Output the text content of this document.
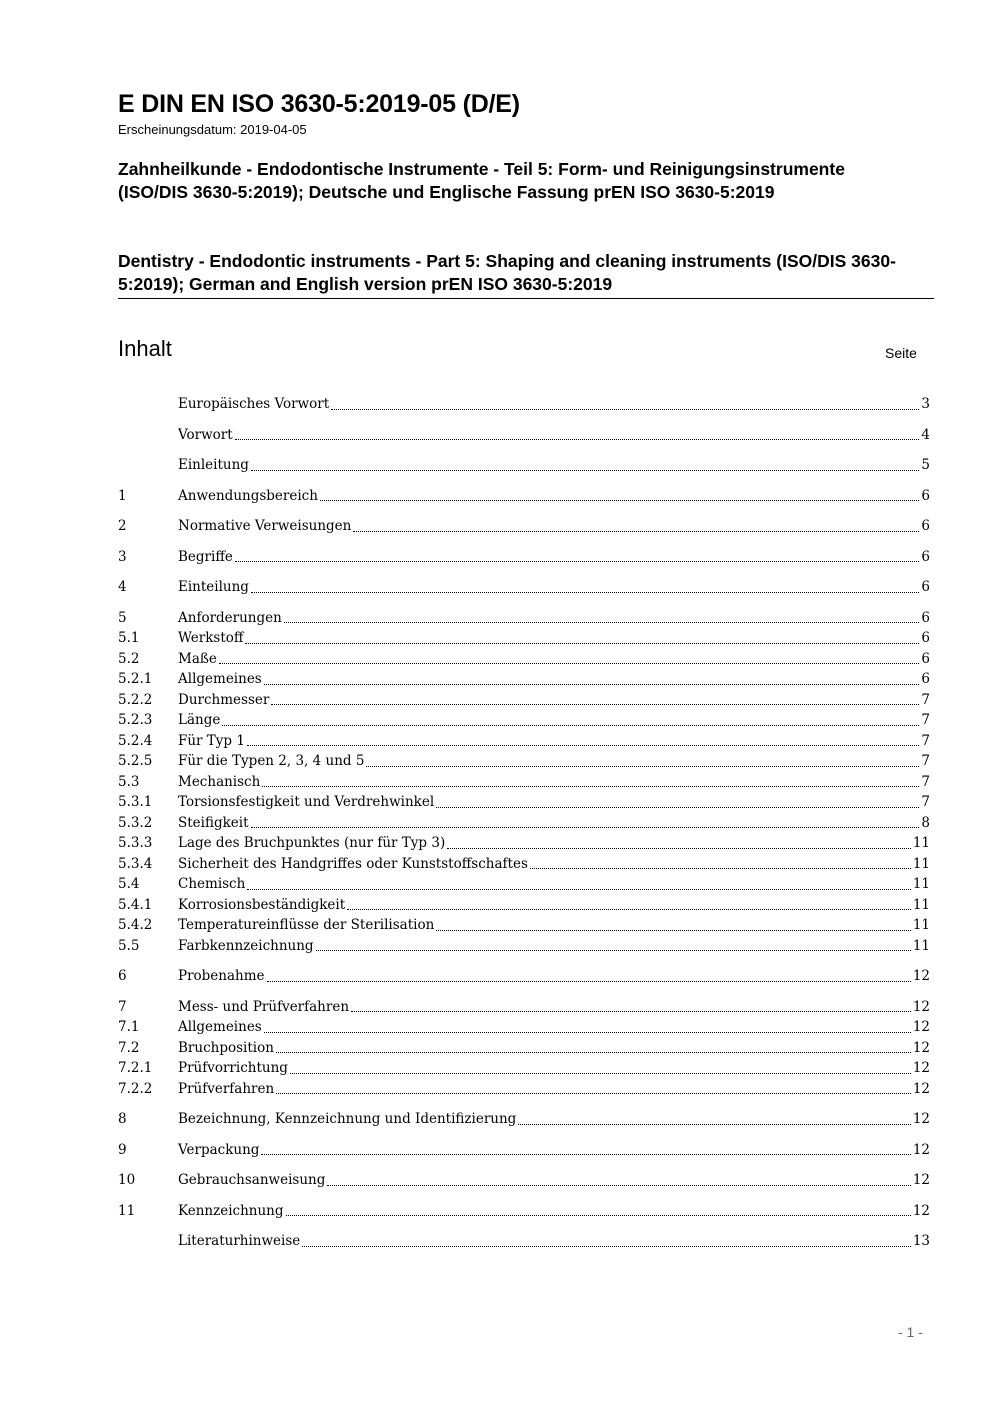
E DIN EN ISO 3630-5:2019-05 (D/E)
Erscheinungsdatum: 2019-04-05
Zahnheilkunde - Endodontische Instrumente - Teil 5: Form- und Reinigungsinstrumente (ISO/DIS 3630-5:2019); Deutsche und Englische Fassung prEN ISO 3630-5:2019
Dentistry - Endodontic instruments - Part 5: Shaping and cleaning instruments (ISO/DIS 3630-5:2019); German and English version prEN ISO 3630-5:2019
Inhalt	Seite
Europäisches Vorwort	3
Vorwort	4
Einleitung	5
1	Anwendungsbereich	6
2	Normative Verweisungen	6
3	Begriffe	6
4	Einteilung	6
5	Anforderungen	6
5.1	Werkstoff	6
5.2	Maße	6
5.2.1	Allgemeines	6
5.2.2	Durchmesser	7
5.2.3	Länge	7
5.2.4	Für Typ 1	7
5.2.5	Für die Typen 2, 3, 4 und 5	7
5.3	Mechanisch	7
5.3.1	Torsionsfestigkeit und Verdrehwinkel	7
5.3.2	Steifigkeit	8
5.3.3	Lage des Bruchpunktes (nur für Typ 3)	11
5.3.4	Sicherheit des Handgriffes oder Kunststoffschaftes	11
5.4	Chemisch	11
5.4.1	Korrosionsbeständigkeit	11
5.4.2	Temperatureinflüsse der Sterilisation	11
5.5	Farbkennzeichnung	11
6	Probenahme	12
7	Mess- und Prüfverfahren	12
7.1	Allgemeines	12
7.2	Bruchposition	12
7.2.1	Prüfvorrichtung	12
7.2.2	Prüfverfahren	12
8	Bezeichnung, Kennzeichnung und Identifizierung	12
9	Verpackung	12
10	Gebrauchsanweisung	12
11	Kennzeichnung	12
Literaturhinweise	13
- 1 -
